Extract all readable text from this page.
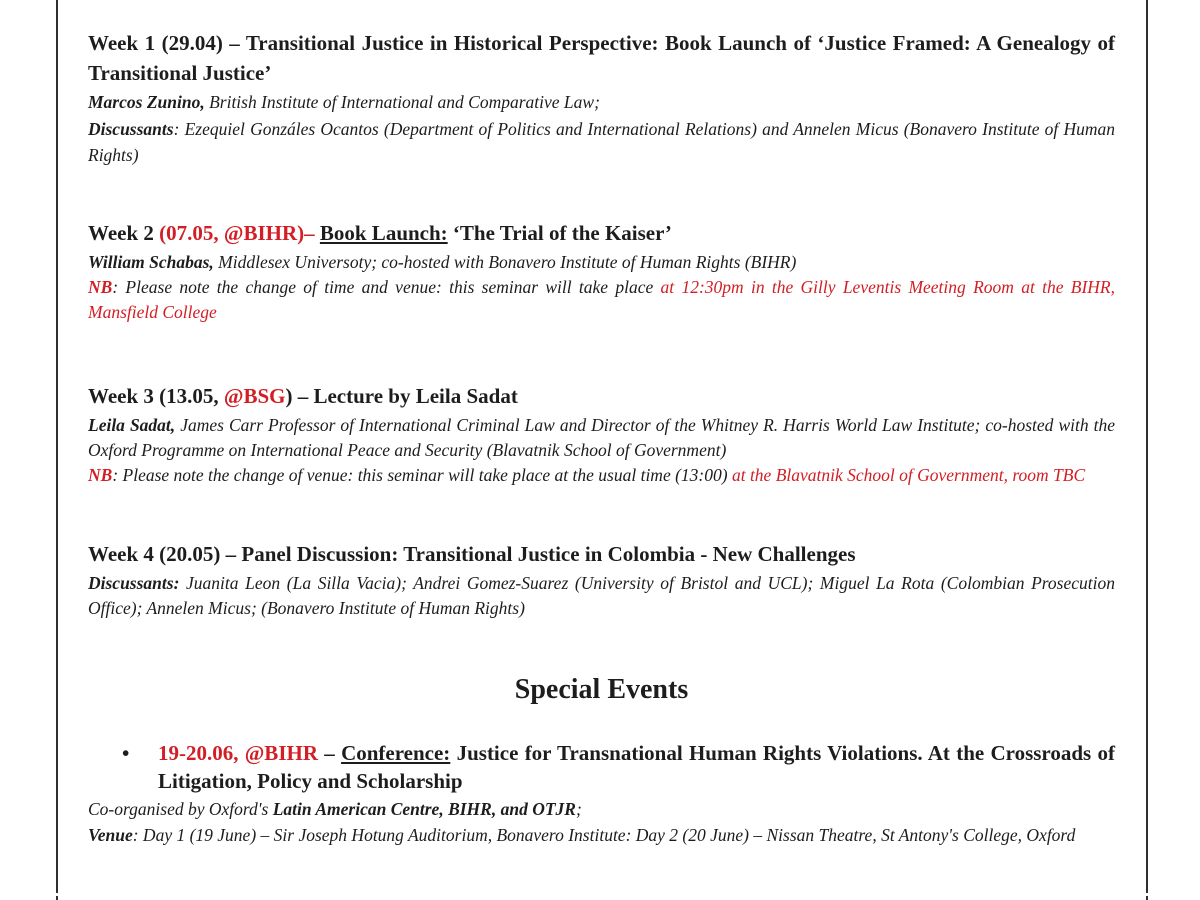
Week 1 (29.04) – Transitional Justice in Historical Perspective: Book Launch of ‘Justice Framed: A Genealogy of Transitional Justice’

Marcos Zunino, British Institute of International and Comparative Law;

Discussants: Ezequiel Gonzáles Ocantos (Department of Politics and International Relations) and Annelen Micus (Bonavero Institute of Human Rights)

Week 2 (07.05, @BIHR)– Book Launch: ‘The Trial of the Kaiser’

William Schabas, Middlesex Universoty; co-hosted with Bonavero Institute of Human Rights (BIHR)

NB: Please note the change of time and venue: this seminar will take place at 12:30pm in the Gilly Leventis Meeting Room at the BIHR, Mansfield College

Week 3 (13.05, @BSG) – Lecture by Leila Sadat

Leila Sadat, James Carr Professor of International Criminal Law and Director of the Whitney R. Harris World Law Institute; co-hosted with the Oxford Programme on International Peace and Security (Blavatnik School of Government)

NB: Please note the change of venue: this seminar will take place at the usual time (13:00) at the Blavatnik School of Government, room TBC

Week 4 (20.05) – Panel Discussion: Transitional Justice in Colombia - New Challenges

Discussants: Juanita Leon (La Silla Vacia); Andrei Gomez-Suarez (University of Bristol and UCL); Miguel La Rota (Colombian Prosecution Office); Annelen Micus; (Bonavero Institute of Human Rights)

Special Events

• 19-20.06, @BIHR – Conference: Justice for Transnational Human Rights Violations. At the Crossroads of Litigation, Policy and Scholarship

Co-organised by Oxford's Latin American Centre, BIHR, and OTJR;

Venue: Day 1 (19 June) – Sir Joseph Hotung Auditorium, Bonavero Institute: Day 2 (20 June) – Nissan Theatre, St Antony's College, Oxford
